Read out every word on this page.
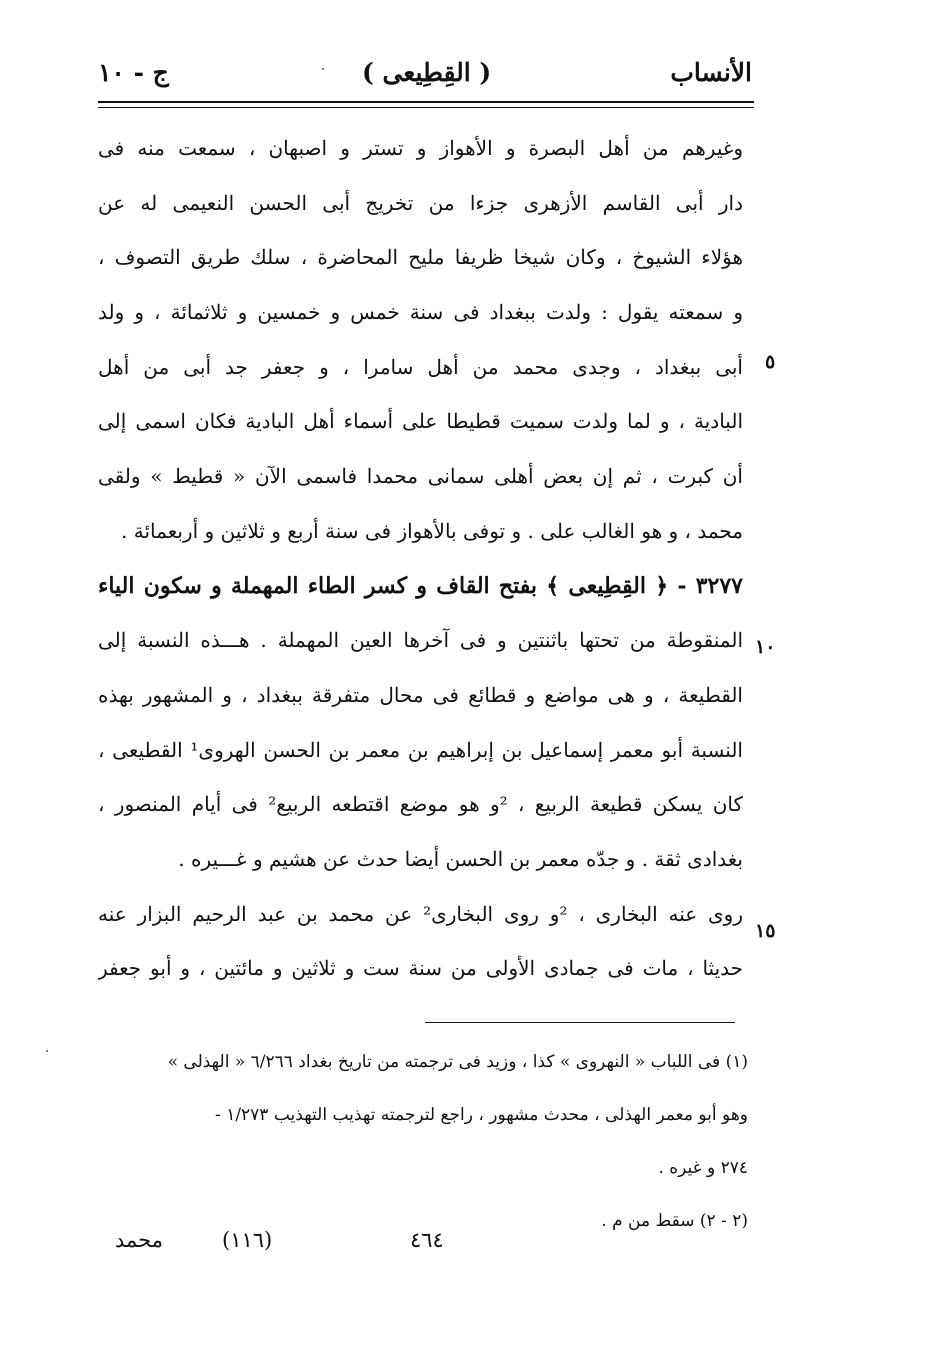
الأنساب
( القِطِيعى )
ج - ١٠
وغيرهم من أهل البصرة و الأهواز و تستر و اصبهان ، سمعت منه فى
دار أبى القاسم الأزهرى جزءا من تخريج أبى الحسن النعيمى له عن
هؤلاء الشيوخ ، وكان شيخا ظريفا مليح المحاضرة ، سلك طريق التصوف ،
و سمعته يقول : ولدت ببغداد فى سنة خمس و خمسين و ثلاثمائة ، و ولد
أبى ببغداد ، وجدى محمد من أهل سامرا ، و جعفر جد أبى من أهل
البادية ، و لما ولدت سميت قطيطا على أسماء أهل البادية فكان اسمى إلى
أن كبرت ، ثم إن بعض أهلى سمانى محمدا فاسمى الآن « قطيط » ولقى
محمد ، و هو الغالب على . و توفى بالأهواز فى سنة أربع و ثلاثين و أربعمائة .
٣٢٧٧ - ﴿ القِطِيعى ﴾ بفتح القاف و كسر الطاء المهملة و سكون الياء
المنقوطة من تحتها باثنتين و فى آخرها العين المهملة . هـــذه النسبة إلى
القطيعة ، و هى مواضع و قطائع فى محال متفرقة ببغداد ، و المشهور بهذه
النسبة أبو معمر إسماعيل بن إبراهيم بن معمر بن الحسن الهروى¹ القطيعى ،
كان يسكن قطيعة الربيع ، ²و هو موضع اقتطعه الربيع² فى أيام المنصور ،
بغدادى ثقة . و جدّه معمر بن الحسن أيضا حدث عن هشيم و غـــيره .
روى عنه البخارى ، ²و روى البخارى² عن محمد بن عبد الرحيم البزار عنه
حديثا ، مات فى جمادى الأولى من سنة ست و ثلاثين و مائتين ، و أبو جعفر
٥
١٠
١٥
(١) فى اللباب « النهروى » كذا ، وزيد فى ترجمته من تاريخ بغداد ٦/٢٦٦ « الهذلى »
وهو أبو معمر الهذلى ، محدث مشهور ، راجع لترجمته تهذيب التهذيب ١/٢٧٣ -
٢٧٤ و غيره .
(٢ - ٢) سقط من م .
محمد	(١١٦)	٤٦٤
